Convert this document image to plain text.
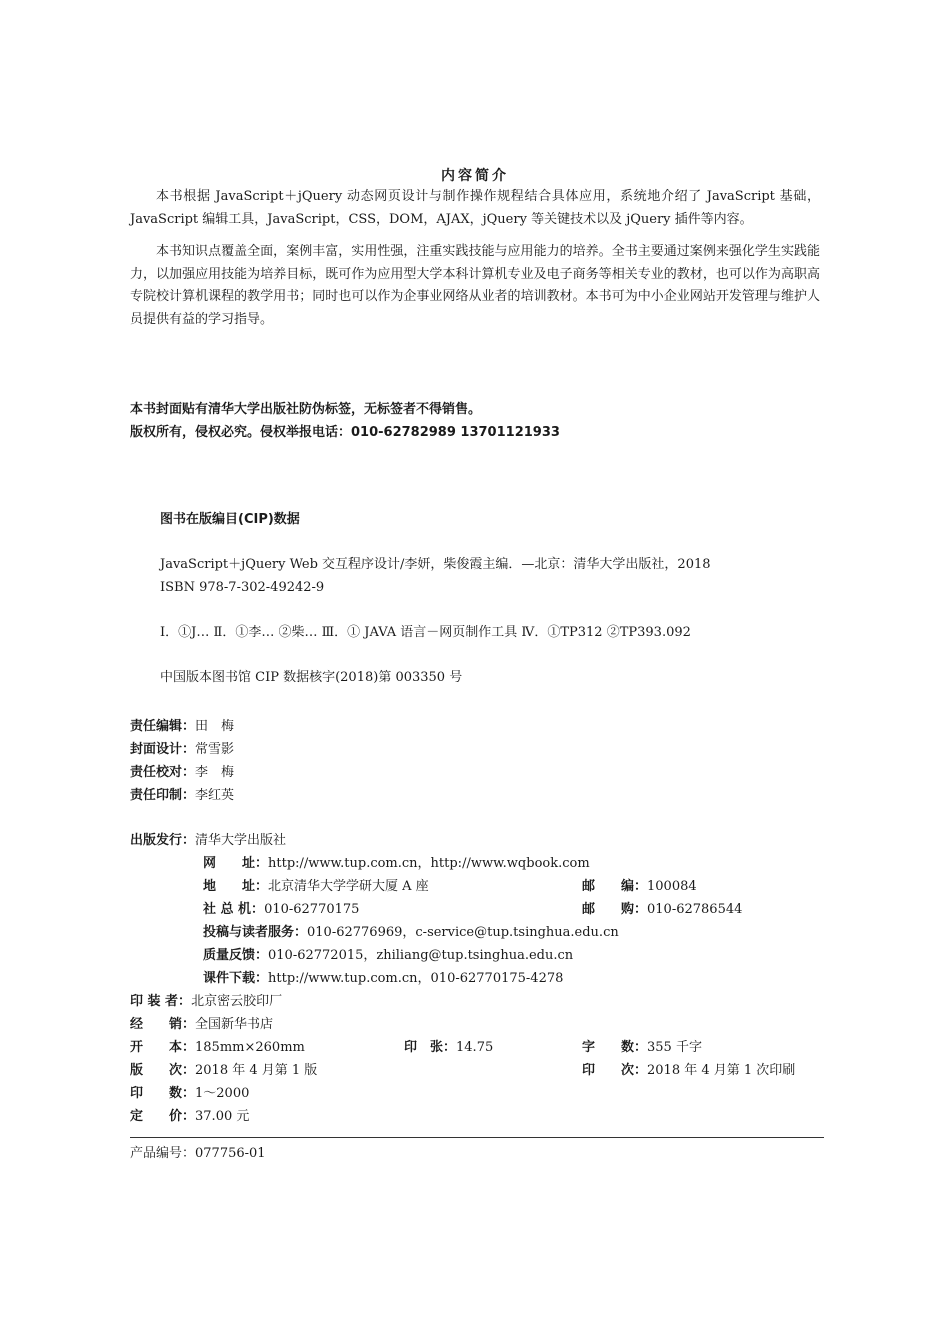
内容简介

本书根据 JavaScript＋jQuery 动态网页设计与制作操作规程结合具体应用，系统地介绍了 JavaScript 基础，JavaScript 编辑工具，JavaScript，CSS，DOM，AJAX，jQuery 等关键技术以及 jQuery 插件等内容。

本书知识点覆盖全面，案例丰富，实用性强，注重实践技能与应用能力的培养。全书主要通过案例来强化学生实践能力，以加强应用技能为培养目标，既可作为应用型大学本科计算机专业及电子商务等相关专业的教材，也可以作为高职高专院校计算机课程的教学用书；同时也可以作为企事业网络从业者的培训教材。本书可为中小企业网站开发管理与维护人员提供有益的学习指导。

本书封面贴有清华大学出版社防伪标签，无标签者不得销售。
版权所有，侵权必究。侵权举报电话：010-62782989 13701121933
图书在版编目(CIP)数据
JavaScript＋jQuery Web 交互程序设计/李妍，柴俊霞主编．—北京：清华大学出版社，2018
ISBN 978-7-302-49242-9
Ⅰ．①J… Ⅱ．①李… ②柴… Ⅲ．① JAVA 语言－网页制作工具 Ⅳ．①TP312 ②TP393.092
中国版本图书馆 CIP 数据核字(2018)第 003350 号
责任编辑：田　梅
封面设计：常雪影
责任校对：李　梅
责任印制：李红英
出版发行：清华大学出版社
网　　址：http://www.tup.com.cn，http://www.wqbook.com
地　　址：北京清华大学学研大厦 A 座	邮　　编：100084
社 总 机：010-62770175	邮　　购：010-62786544
投稿与读者服务：010-62776969，c-service@tup.tsinghua.edu.cn
质量反馈：010-62772015，zhiliang@tup.tsinghua.edu.cn
课件下载：http://www.tup.com.cn，010-62770175-4278
印 装 者：北京密云胶印厂
经　　销：全国新华书店
开　　本：185mm×260mm	印　张：14.75	字　　数：355 千字
版　　次：2018 年 4 月第 1 版	印　　次：2018 年 4 月第 1 次印刷
印　　数：1～2000
定　　价：37.00 元
产品编号：077756-01
